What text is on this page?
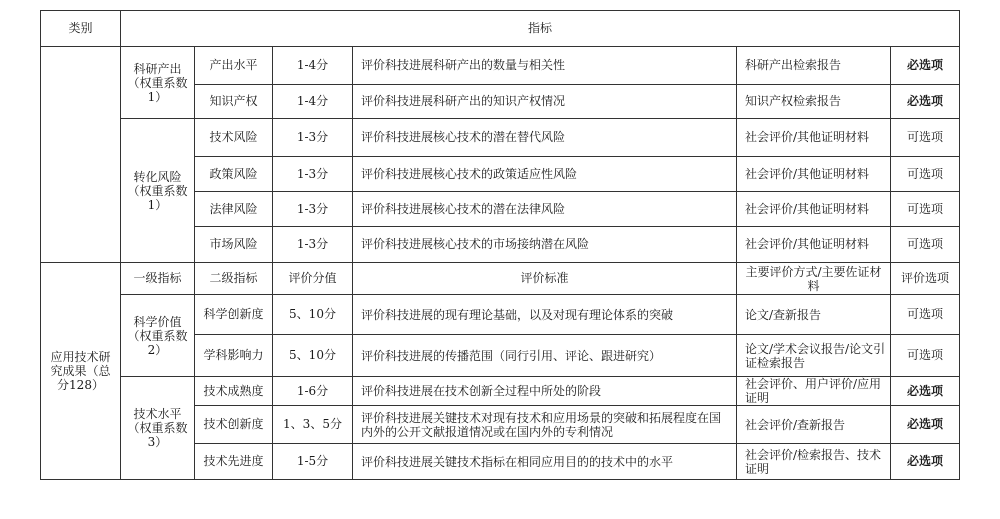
类别	指标					
	科研产出（权重系数1）	产出水平	1-4分	评价科技进展科研产出的数量与相关性	科研产出检索报告	必选项
		知识产权	1-4分	评价科技进展科研产出的知识产权情况	知识产权检索报告	必选项
	转化风险（权重系数1）	技术风险	1-3分	评价科技进展核心技术的潜在替代风险	社会评价/其他证明材料	可选项
		政策风险	1-3分	评价科技进展核心技术的政策适应性风险	社会评价/其他证明材料	可选项
		法律风险	1-3分	评价科技进展核心技术的潜在法律风险	社会评价/其他证明材料	可选项
		市场风险	1-3分	评价科技进展核心技术的市场接纳潜在风险	社会评价/其他证明材料	可选项
应用技术研究成果（总分128）	一级指标	二级指标	评价分值	评价标准	主要评价方式/主要佐证材料	评价选项
	科学价值（权重系数2）	科学创新度	5、10分	评价科技进展的现有理论基础，以及对现有理论体系的突破	论文/查新报告	可选项
		学科影响力	5、10分	评价科技进展的传播范围（同行引用、评论、跟进研究）	论文/学术会议报告/论文引证检索报告	可选项
	技术水平（权重系数3）	技术成熟度	1-6分	评价科技进展在技术创新全过程中所处的阶段	社会评价、用户评价/应用证明	必选项
		技术创新度	1、3、5分	评价科技进展关键技术对现有技术和应用场景的突破和拓展程度在国内外的公开文献报道情况或在国内外的专利情况	社会评价/查新报告	必选项
		技术先进度	1-5分	评价科技进展关键技术指标在相同应用目的的技术中的水平	社会评价/检索报告、技术证明	必选项
